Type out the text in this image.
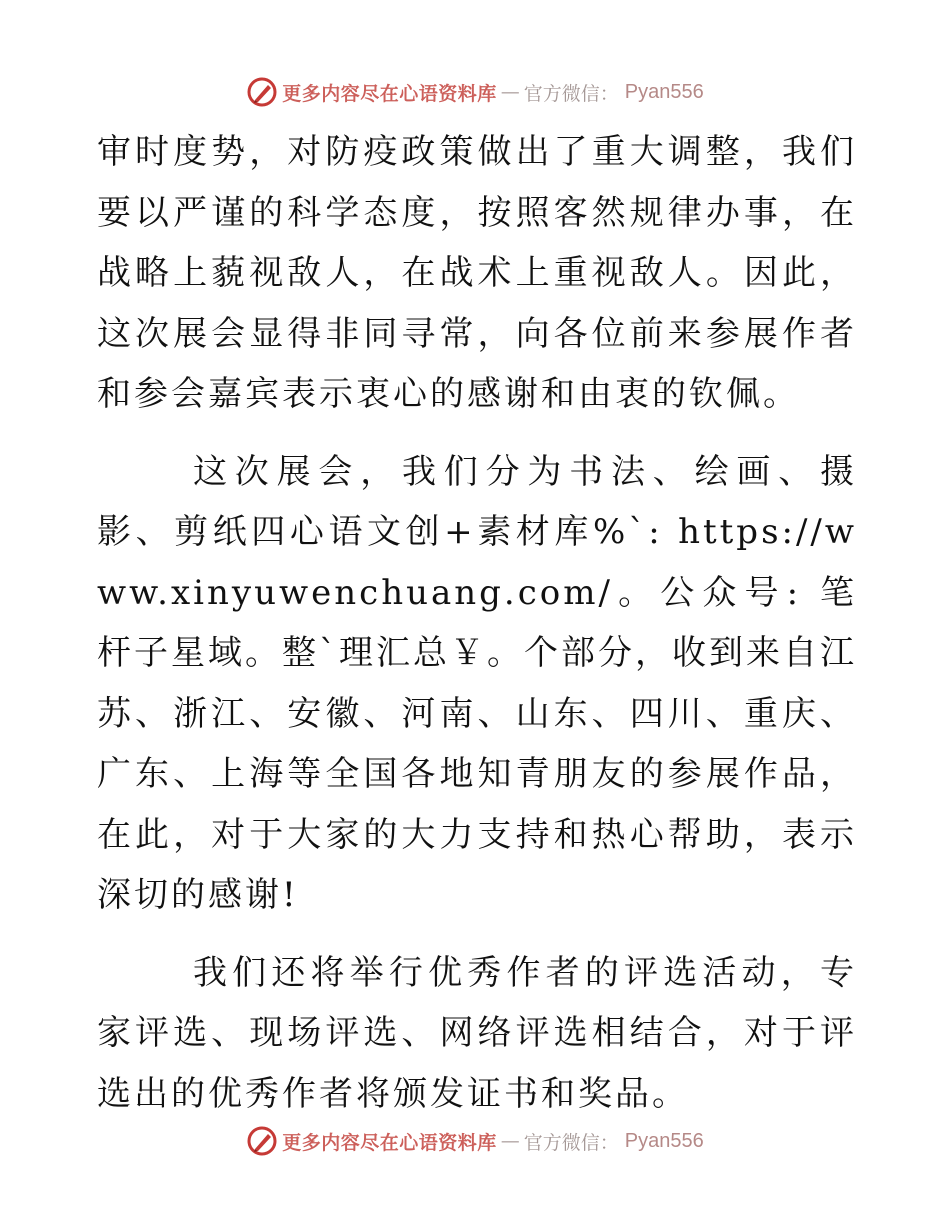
更多内容尽在心语资料库 — 官方微信： Pyan556

审时度势，对防疫政策做出了重大调整，我们要以严谨的科学态度，按照客然规律办事，在战略上藐视敌人，在战术上重视敌人。因此，这次展会显得非同寻常，向各位前来参展作者和参会嘉宾表示衷心的感谢和由衷的钦佩。

这次展会，我们分为书法、绘画、摄影、剪纸四心语文创+素材库%`: https://www.xinyuwenchuang.com/。公众号: 笔杆子星域。整`理汇总￥。个部分，收到来自江苏、浙江、安徽、河南、山东、四川、重庆、广东、上海等全国各地知青朋友的参展作品，在此，对于大家的大力支持和热心帮助，表示深切的感谢!

我们还将举行优秀作者的评选活动，专家评选、现场评选、网络评选相结合，对于评选出的优秀作者将颁发证书和奖品。

更多内容尽在心语资料库 — 官方微信： Pyan556
